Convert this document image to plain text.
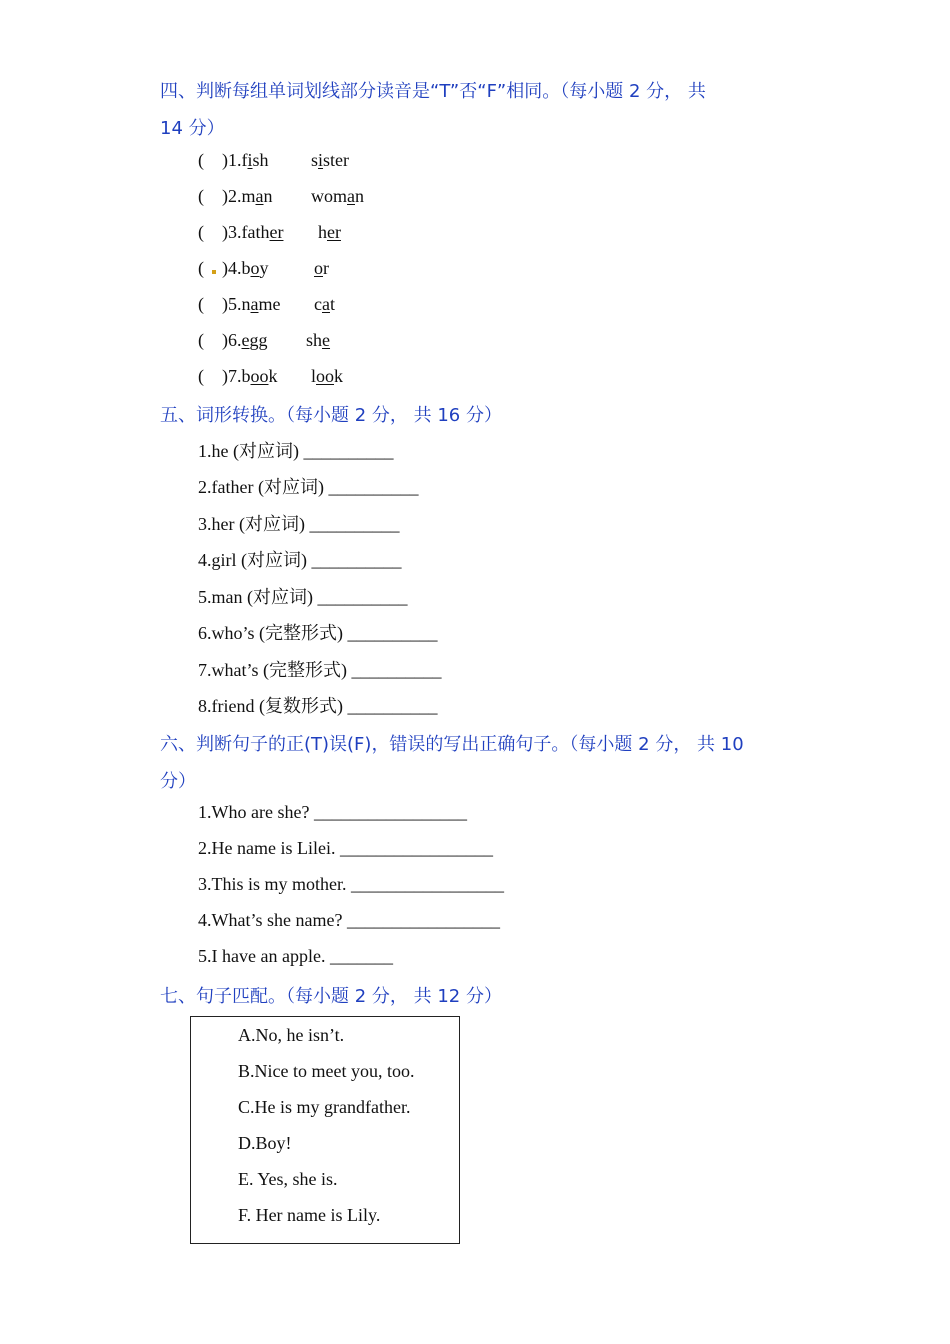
四、判断每组单词划线部分读音是“T”否“F”相同。（每小题 2 分， 共
14 分）
( )1.fish sister
( )2.man woman
( )3.father her
( )4.boy	or
( )5.name cat
( )6.egg she
( )7.book look
五、词形转换。（每小题 2 分， 共 16 分）
1.he (对应词) __________
2.father (对应词) __________
3.her (对应词) __________
4.girl (对应词) __________
5.man (对应词) __________
6.who’s (完整形式) __________
7.what’s (完整形式) __________
8.friend (复数形式) __________
六、判断句子的正(T)误(F)，错误的写出正确句子。（每小题 2 分， 共 10
分）
1.Who are she? _________________
2.He name is Lilei. _________________
3.This is my mother. _________________
4.What’s she name? _________________
5.I have an apple. _______
七、句子匹配。（每小题 2 分， 共 12 分）
A.No, he isn’t.
B.Nice to meet you, too.
C.He is my grandfather.
D.Boy!
E. Yes, she is.
F. Her name is Lily.
